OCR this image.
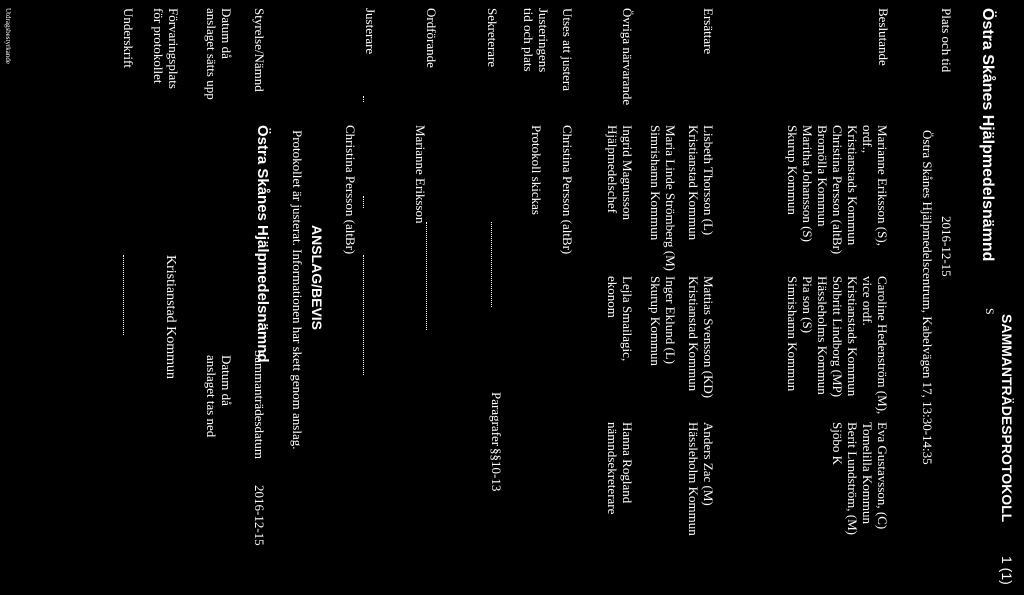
SAMMANTRÄDESPROTOKOLL
1 (1)
S
Östra Skånes Hjälpmedelsnämnd
Plats och tid
2016-12-15
Östra Skånes Hjälpmedelscentrum, Kabelvägen 17, 13:30-14:35
Beslutande
Marianne Eriksson (S),
ordf.,
Kristianstads Kommun
Christina Persson (altBr)
Bromölla Kommun
Maritha Johansson (S)
Skurup Kommun
Caroline Hedenström (M),
vice ordf.
Kristianstads Kommun
Solbritt Lindborg (MP)
Hässleholms Kommun
Pia son (S)
Simrishamn Kommun
Eva Gustavsson, (C)
Tomelilla Kommun
Berit Lundström, (M)
Sjöbo K
Ersättare
Lisbeth Thorsson (L)
Kristianstad Kommun
Maria Linde Strömberg (M)
Simrishamn Kommun
Mattias Svensson (KD)
Kristianstad Kommun
Inger Eklund (L)
Skurup Kommun
Anders Zac (M)
Hässleholm Kommun
Övriga närvarande
Ingrid Magnusson
Hjälpmedelschef
Lejla Smailagic,
ekonom
Hanna Rogland
nämndsekreterare
Utses att justera
Christina Persson (altBr)
Justeringens
tid och plats
Protokoll skickas
Sekreterare
Paragrafer
§§10-13
Ordförande
Marianne Eriksson
Justerare
Christina Persson (altBr)
ANSLAG/BEVIS
Protokollet är justerat. Informationen har skett genom anslag.
Styrelse/Nämnd
Östra Skånes Hjälpmedelsnämnd
Sammanträdesdatum
2016-12-15
Datum då
anslaget sätts upp
Datum då
anslaget tas ned
Förvaringsplats
för protokollet
Kristianstad Kommun
Underskrift
Utdragsbestyrkande
